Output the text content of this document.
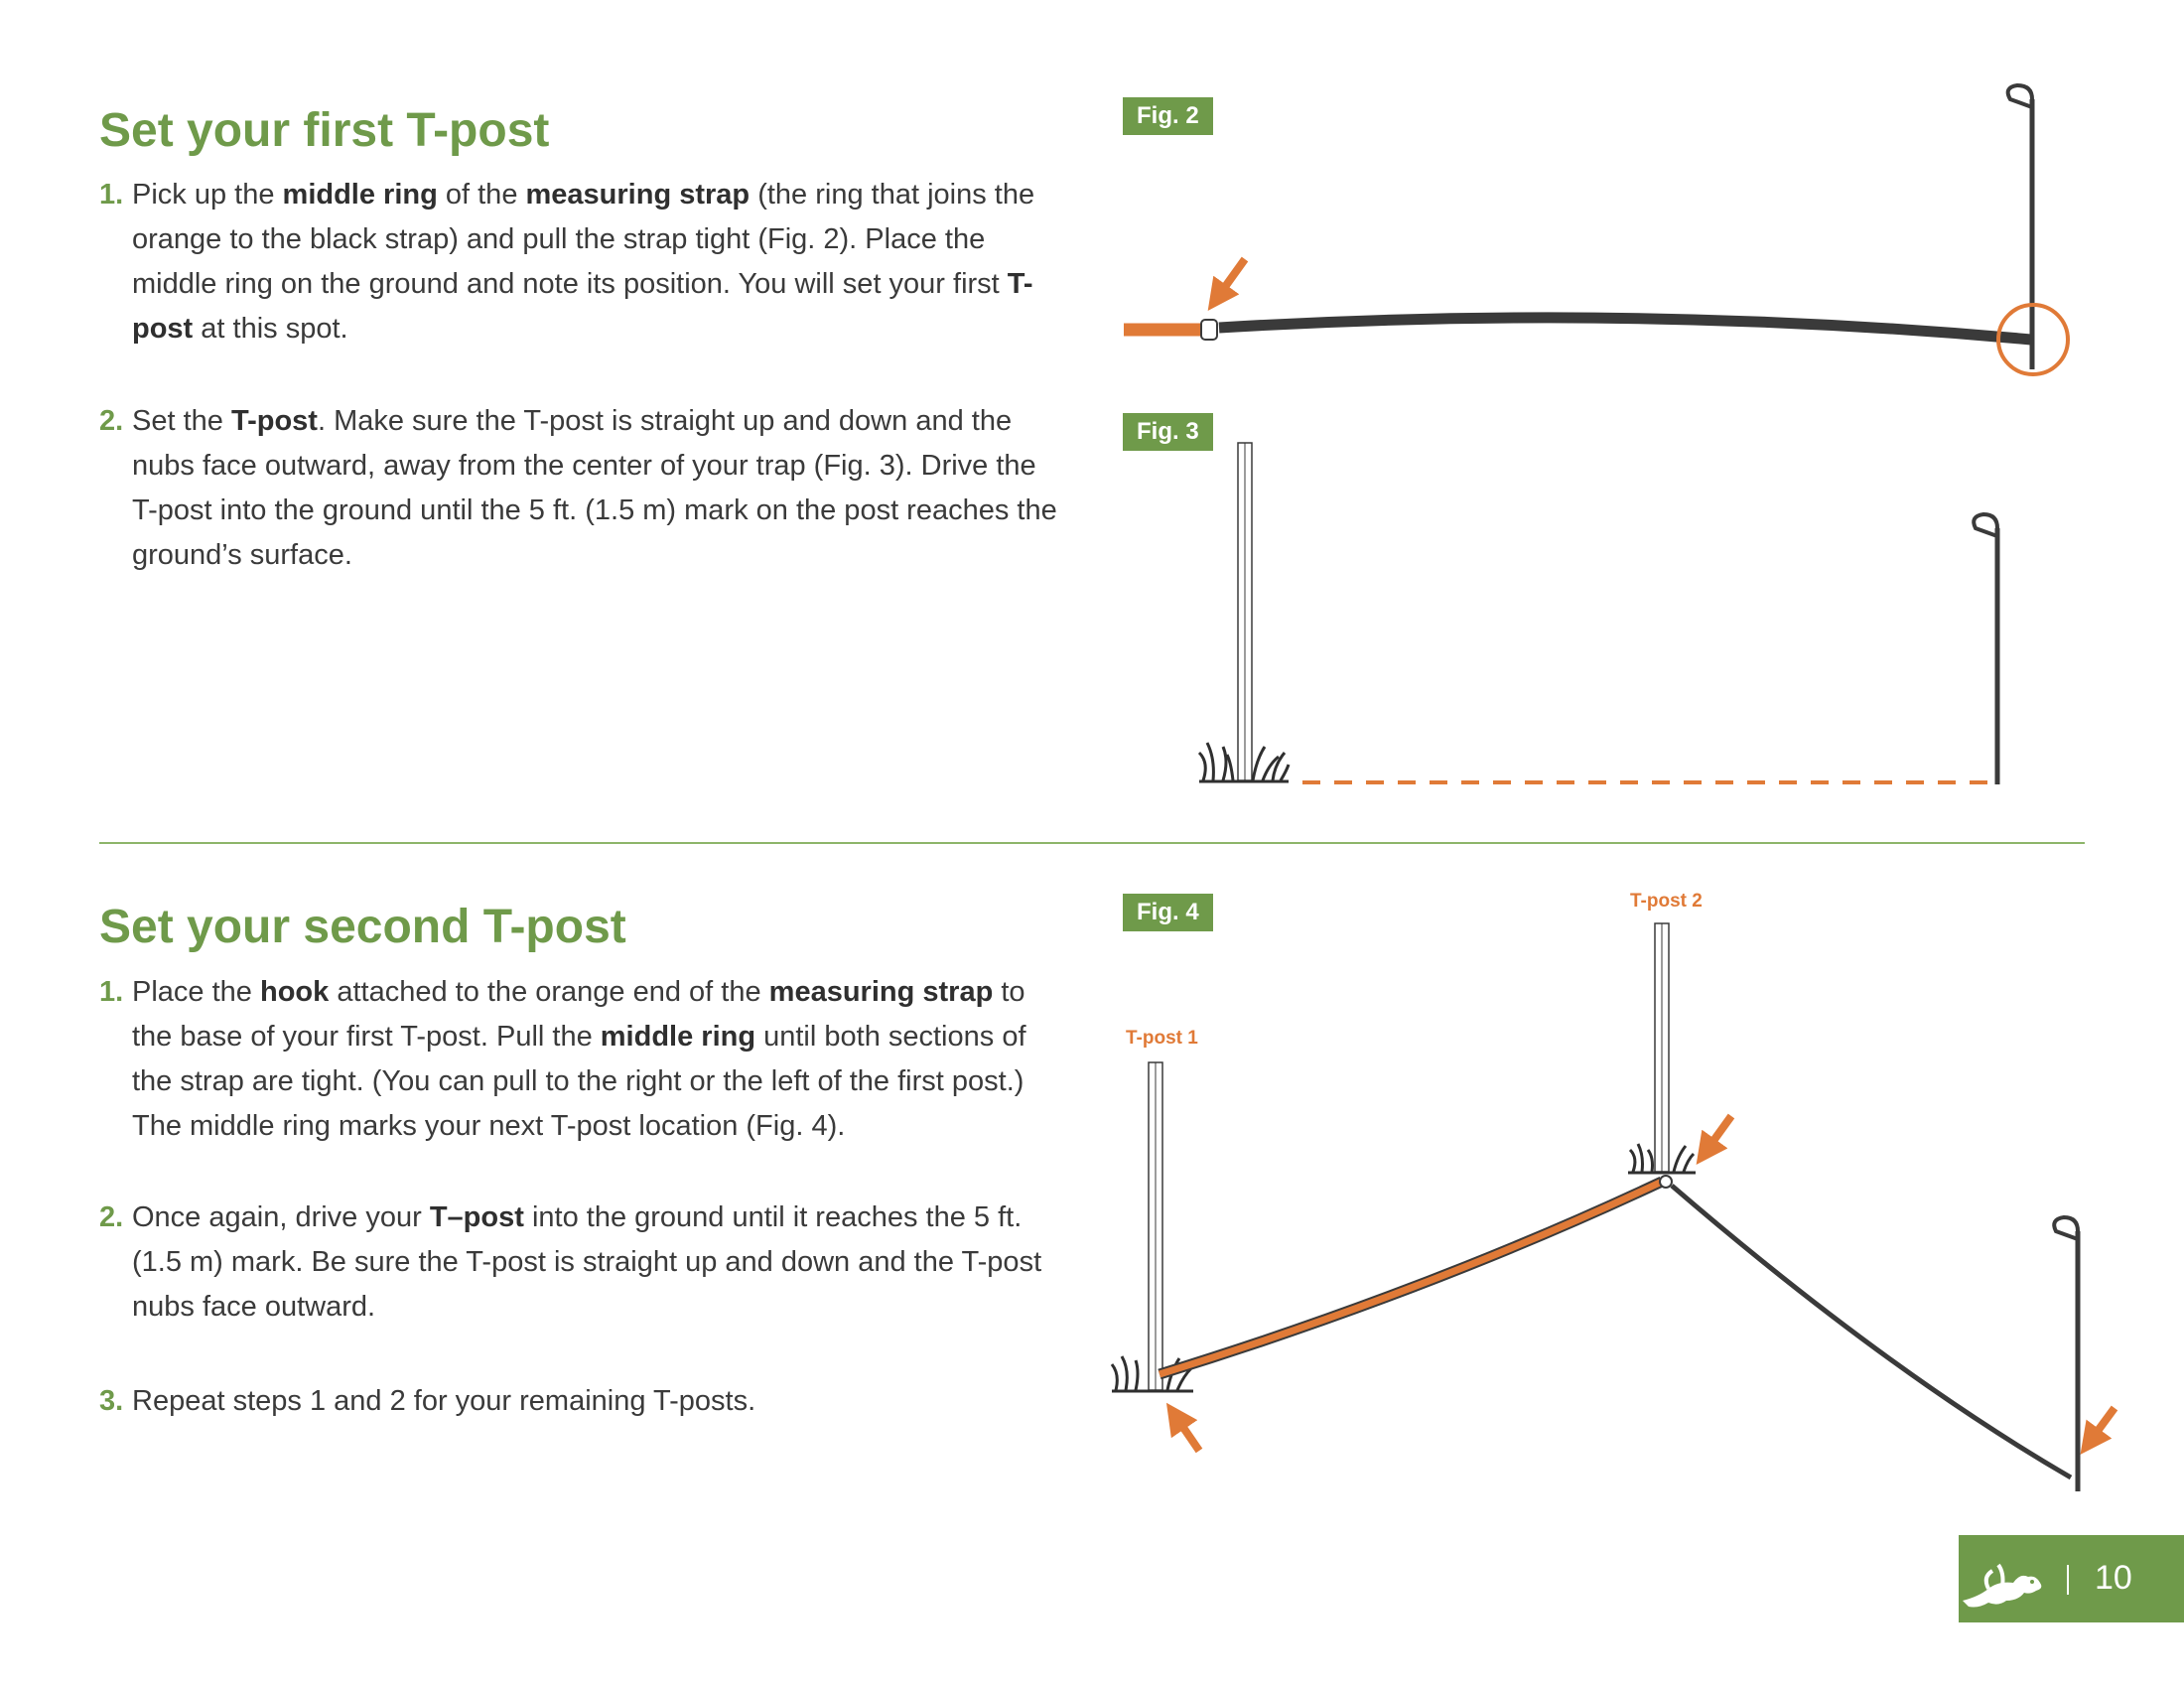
Set your first T-post
1. Pick up the middle ring of the measuring strap (the ring that joins the orange to the black strap) and pull the strap tight (Fig. 2). Place the middle ring on the ground and note its position. You will set your first T-post at this spot.
2. Set the T-post. Make sure the T-post is straight up and down and the nubs face outward, away from the center of your trap (Fig. 3). Drive the T-post into the ground until the 5 ft. (1.5 m) mark on the post reaches the ground’s surface.
Set your second T-post
1. Place the hook attached to the orange end of the measuring strap to the base of your first T-post. Pull the middle ring until both sections of the strap are tight. (You can pull to the right or the left of the first post.) The middle ring marks your next T-post location (Fig. 4).
2. Once again, drive your T–post into the ground until it reaches the 5 ft. (1.5 m) mark. Be sure the T-post is straight up and down and the T-post nubs face outward.
3. Repeat steps 1 and 2 for your remaining T-posts.
Fig. 2
Fig. 3
Fig. 4
T-post 1
T-post 2
10
